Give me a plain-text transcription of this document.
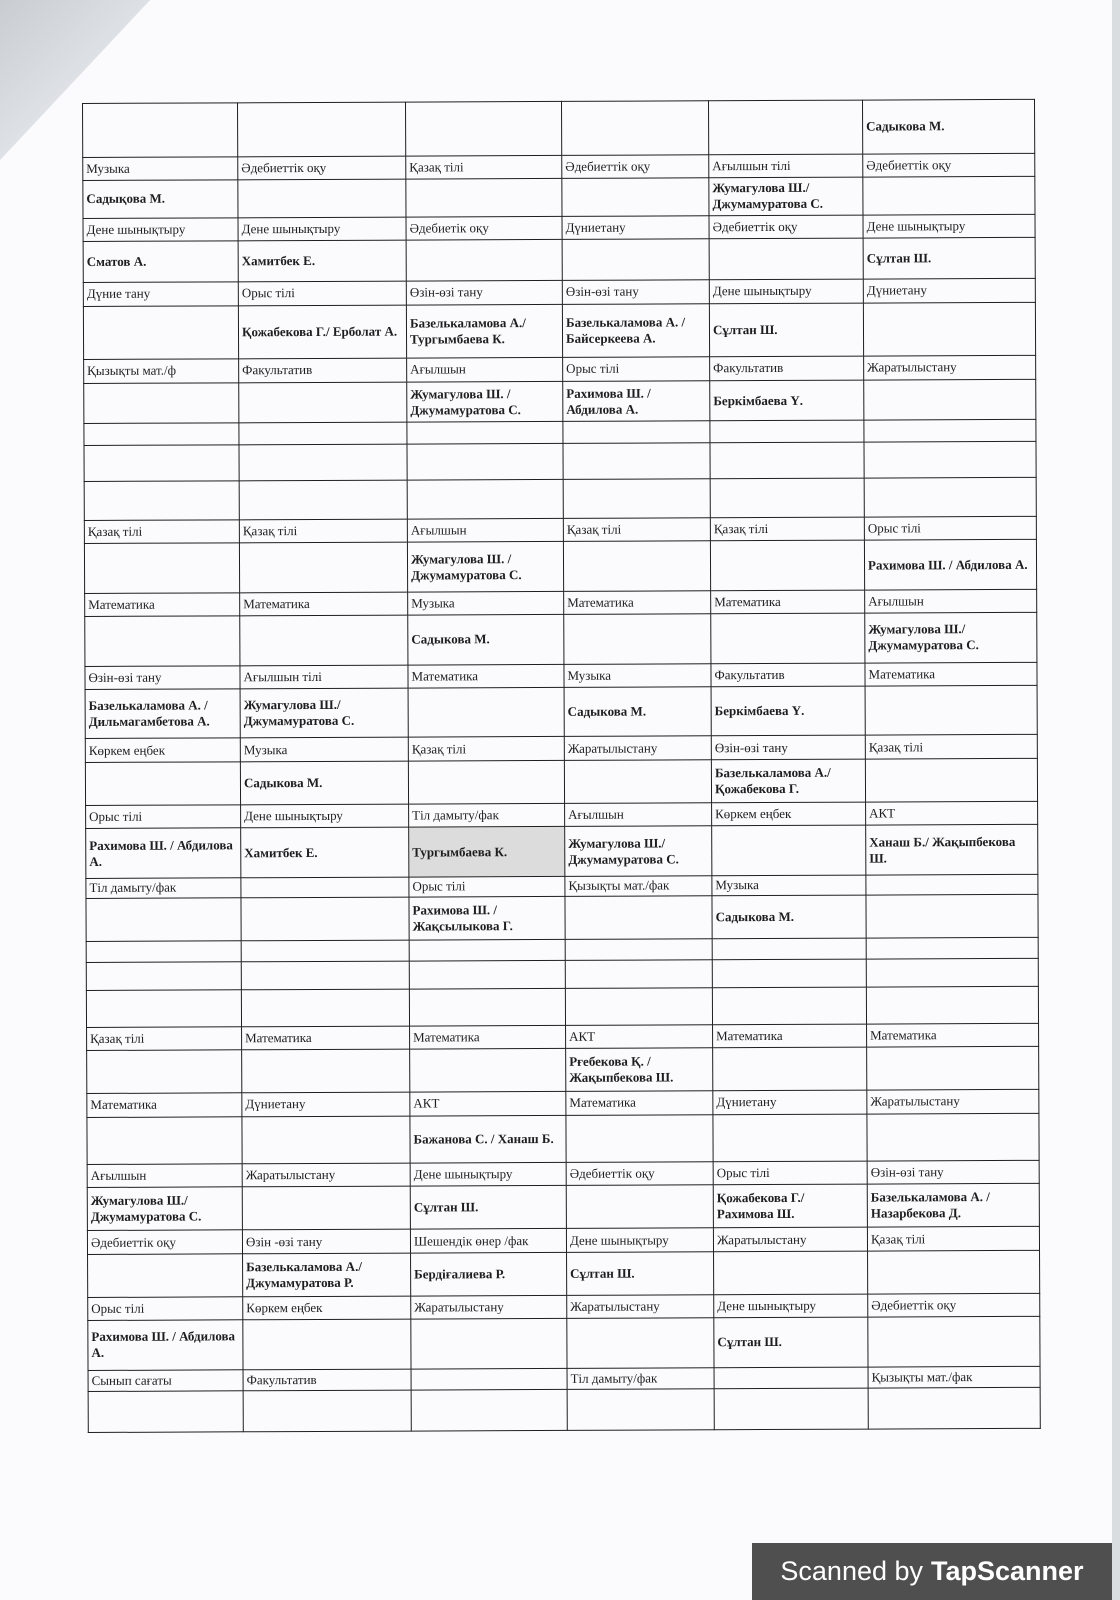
					Садыкова М.
Музыка	Әдебиеттік оқу	Қазақ тілі	Әдебиеттік оқу	Ағылшын тілі	Әдебиеттік оқу
Садықова М.				Жумагулова Ш./ Джумамуратова С.	
Дене шынықтыру	Дене шынықтыру	Әдебиетік оқу	Дүниетану	Әдебиеттік оқу	Дене шынықтыру
Сматов А.	Хамитбек Е.				Сұлтан Ш.
Дүние тану	Орыс тілі	Өзін-өзі тану	Өзін-өзі тану	Дене шынықтыру	Дүниетану
	Қожабекова Г./ Ерболат А.	Базелькаламова А./ Тургымбаева К.	Базелькаламова А. / Байсеркеева А.	Сұлтан Ш.	
Қызықты мат./ф	Факультатив	Ағылшын	Орыс тілі	Факультатив	Жаратылыстану
		Жумагулова Ш. / Джумамуратова С.	Рахимова Ш. / Абдилова А.	Беркімбаева Ү.	

Қазақ тілі	Қазақ тілі	Ағылшын	Қазақ тілі	Қазақ тілі	Орыс тілі
		Жумагулова Ш. / Джумамуратова С.			Рахимова Ш. / Абдилова А.
Математика	Математика	Музыка	Математика	Математика	Ағылшын
		Садыкова М.			Жумагулова Ш./ Джумамуратова С.
Өзін-өзі тану	Ағылшын тілі	Математика	Музыка	Факультатив	Математика
Базелькаламова А. / Дильмагамбетова А.	Жумагулова Ш./ Джумамуратова С.		Садыкова М.	Беркімбаева Ү.	
Көркем еңбек	Музыка	Қазақ тілі	Жаратылыстану	Өзін-өзі тану	Қазақ тілі
	Садыкова М.			Базелькаламова А./ Қожабекова Г.	
Орыс тілі	Дене шынықтыру	Тіл дамыту/фак	Ағылшын	Көркем еңбек	АКТ
Рахимова Ш. / Абдилова А.	Хамитбек Е.	Тургымбаева К.	Жумагулова Ш./ Джумамуратова С.		Ханаш Б./ Жақыпбекова Ш.
Тіл дамыту/фак		Орыс тілі	Қызықты мат./фак	Музыка	
		Рахимова Ш. / Жақсылыкова Г.		Садыкова М.	

Қазақ тілі	Математика	Математика	АКТ	Математика	Математика
			Рғебекова Қ. / Жақыпбекова Ш.		
Математика	Дүниетану	АКТ	Математика	Дүниетану	Жаратылыстану
		Бажанова С. / Ханаш Б.			
Ағылшын	Жаратылыстану	Дене шынықтыру	Әдебиеттік оқу	Орыс тілі	Өзін-өзі тану
Жумагулова Ш./ Джумамуратова С.		Сұлтан Ш.		Қожабекова Г./ Рахимова Ш.	Базелькаламова А. / Назарбекова Д.
Әдебиеттік оқу	Өзін -өзі тану	Шешендік өнер /фак	Дене шынықтыру	Жаратылыстану	Қазақ тілі
	Базелькаламова А./ Джумамуратова Р.	Бердіғалиева Р.	Сұлтан Ш.		
Орыс тілі	Көркем еңбек	Жаратылыстану	Жаратылыстану	Дене шынықтыру	Әдебиеттік оқу
Рахимова Ш. / Абдилова А.				Сұлтан Ш.	
Сынып сағаты	Факультатив		Тіл дамыту/фак		Қызықты мат./фак

Scanned by TapScanner
